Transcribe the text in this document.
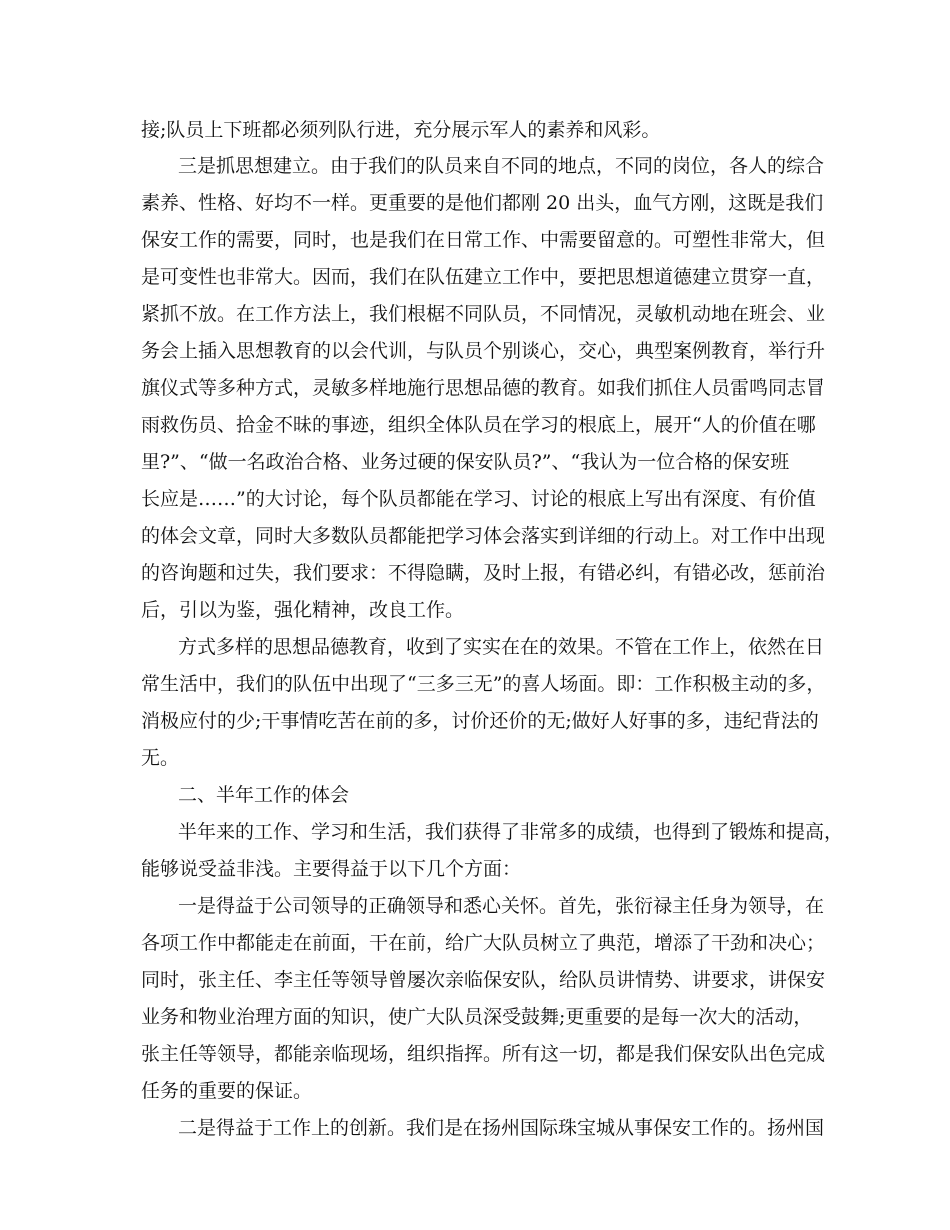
接;队员上下班都必须列队行进，充分展示军人的素养和风彩。
三是抓思想建立。由于我们的队员来自不同的地点，不同的岗位，各人的综合
素养、性格、好均不一样。更重要的是他们都刚 20 出头，血气方刚，这既是我们
保安工作的需要，同时，也是我们在日常工作、中需要留意的。可塑性非常大，但
是可变性也非常大。因而，我们在队伍建立工作中，要把思想道德建立贯穿一直，
紧抓不放。在工作方法上，我们根椐不同队员，不同情况，灵敏机动地在班会、业
务会上插入思想教育的以会代训，与队员个别谈心，交心，典型案例教育，举行升
旗仪式等多种方式，灵敏多样地施行思想品德的教育。如我们抓住人员雷鸣同志冒
雨救伤员、拾金不昧的事迹，组织全体队员在学习的根底上，展开“人的价值在哪
里?”、“做一名政治合格、业务过硬的保安队员?”、“我认为一位合格的保安班
长应是……”的大讨论，每个队员都能在学习、讨论的根底上写出有深度、有价值
的体会文章，同时大多数队员都能把学习体会落实到详细的行动上。对工作中出现
的咨询题和过失，我们要求：不得隐瞒，及时上报，有错必纠，有错必改，惩前治
后，引以为鉴，强化精神，改良工作。
方式多样的思想品德教育，收到了实实在在的效果。不管在工作上，依然在日
常生活中，我们的队伍中出现了“三多三无”的喜人场面。即：工作积极主动的多，
消极应付的少;干事情吃苦在前的多，讨价还价的无;做好人好事的多，违纪背法的
无。
二、半年工作的体会
半年来的工作、学习和生活，我们获得了非常多的成绩，也得到了锻炼和提高，
能够说受益非浅。主要得益于以下几个方面：
一是得益于公司领导的正确领导和悉心关怀。首先，张衍禄主任身为领导，在
各项工作中都能走在前面，干在前，给广大队员树立了典范，增添了干劲和决心；
同时，张主任、李主任等领导曾屡次亲临保安队，给队员讲情势、讲要求，讲保安
业务和物业治理方面的知识，使广大队员深受鼓舞;更重要的是每一次大的活动，
张主任等领导，都能亲临现场，组织指挥。所有这一切，都是我们保安队出色完成
任务的重要的保证。
二是得益于工作上的创新。我们是在扬州国际珠宝城从事保安工作的。扬州国
